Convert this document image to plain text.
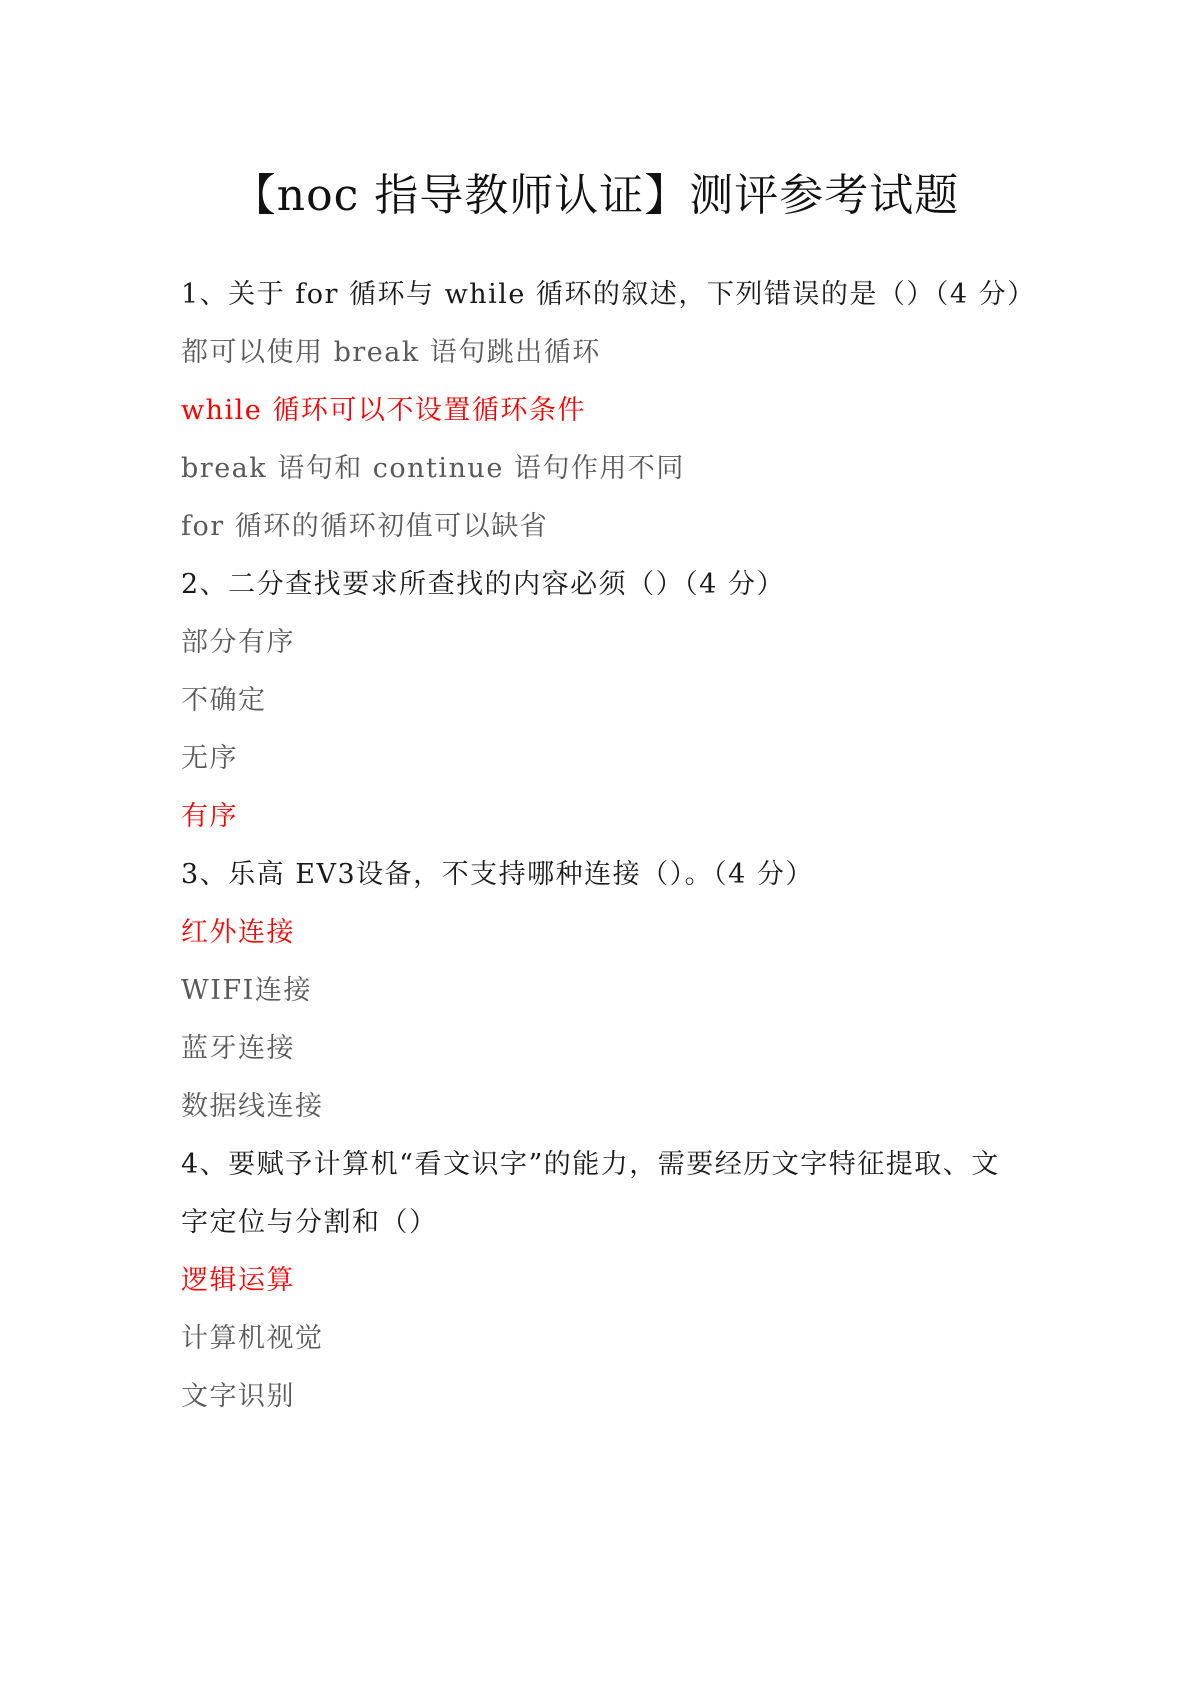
【noc 指导教师认证】测评参考试题
1、关于 for 循环与 while 循环的叙述，下列错误的是（）（4 分）
都可以使用 break 语句跳出循环
while 循环可以不设置循环条件
break 语句和 continue 语句作用不同
for 循环的循环初值可以缺省
2、二分查找要求所查找的内容必须（）（4 分）
部分有序
不确定
无序
有序
3、乐高 EV3设备，不支持哪种连接（）。（4 分）
红外连接
WIFI连接
蓝牙连接
数据线连接
4、要赋予计算机“看文识字”的能力，需要经历文字特征提取、文
字定位与分割和（）
逻辑运算
计算机视觉
文字识别
